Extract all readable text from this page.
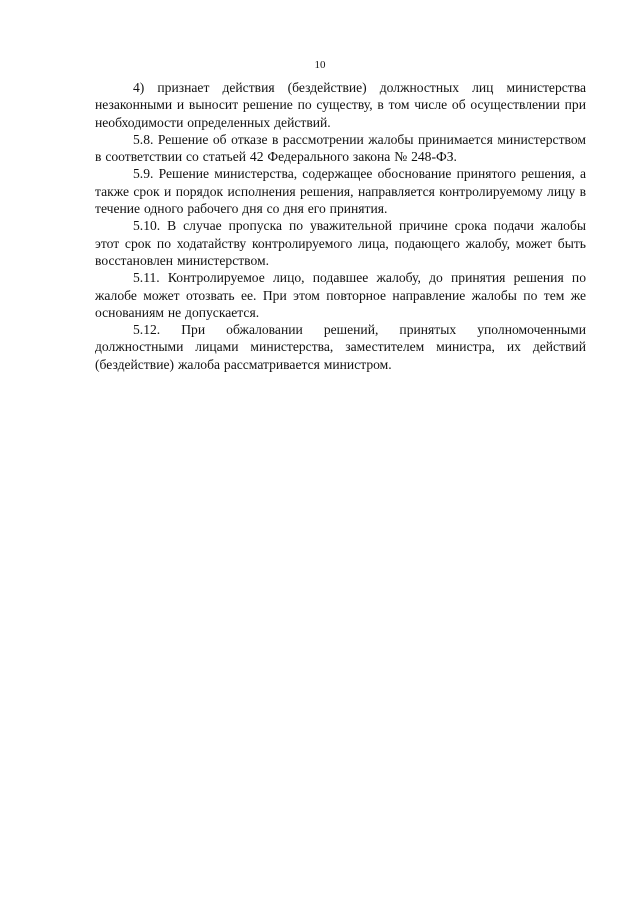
10

4) признает действия (бездействие) должностных лиц министерства незаконными и выносит решение по существу, в том числе об осуществлении при необходимости определенных действий.

5.8. Решение об отказе в рассмотрении жалобы принимается министерством в соответствии со статьей 42 Федерального закона № 248-ФЗ.

5.9. Решение министерства, содержащее обоснование принятого решения, а также срок и порядок исполнения решения, направляется контролируемому лицу в течение одного рабочего дня со дня его принятия.

5.10. В случае пропуска по уважительной причине срока подачи жалобы этот срок по ходатайству контролируемого лица, подающего жалобу, может быть восстановлен министерством.

5.11. Контролируемое лицо, подавшее жалобу, до принятия решения по жалобе может отозвать ее. При этом повторное направление жалобы по тем же основаниям не допускается.

5.12. При обжаловании решений, принятых уполномоченными должностными лицами министерства, заместителем министра, их действий (бездействие) жалоба рассматривается министром.
